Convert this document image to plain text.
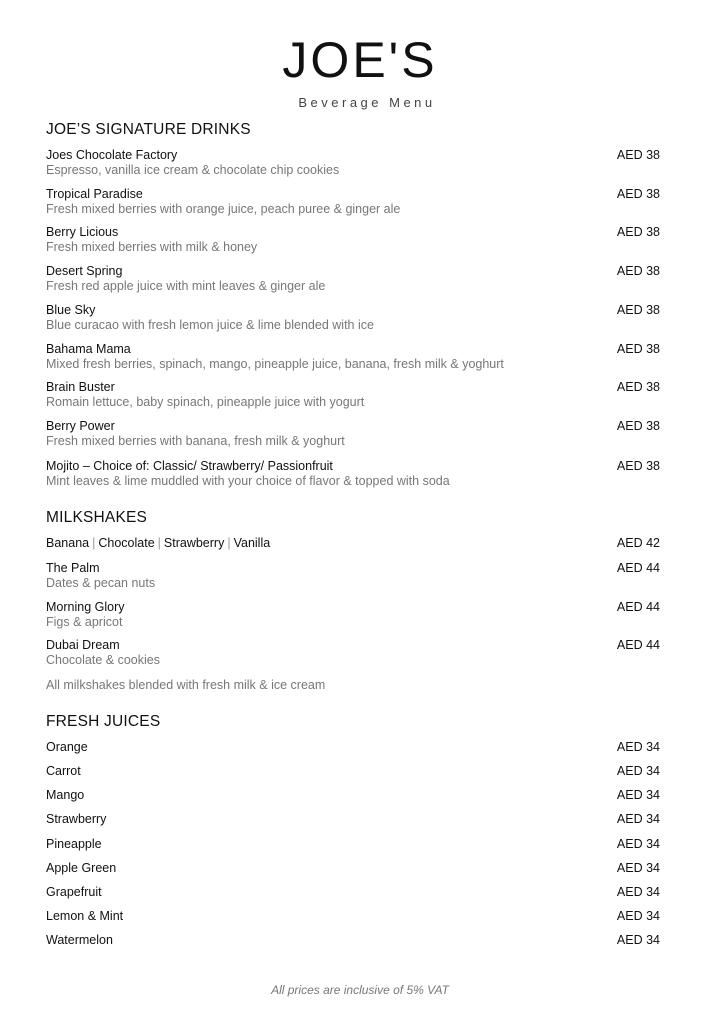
JOE'S
Beverage Menu
JOE’S SIGNATURE DRINKS
Joes Chocolate Factory
Espresso, vanilla ice cream & chocolate chip cookies
AED 38
Tropical Paradise
Fresh mixed berries with orange juice, peach puree & ginger ale
AED 38
Berry Licious
Fresh mixed berries with milk & honey
AED 38
Desert Spring
Fresh red apple juice with mint leaves & ginger ale
AED 38
Blue Sky
Blue curacao with fresh lemon juice & lime blended with ice
AED 38
Bahama Mama
Mixed fresh berries, spinach, mango, pineapple juice, banana, fresh milk & yoghurt
AED 38
Brain Buster
Romain lettuce, baby spinach, pineapple juice with yogurt
AED 38
Berry Power
Fresh mixed berries with banana, fresh milk & yoghurt
AED 38
Mojito – Choice of: Classic/ Strawberry/ Passionfruit
Mint leaves & lime muddled with your choice of flavor & topped with soda
AED 38
MILKSHAKES
Banana | Chocolate | Strawberry | Vanilla	AED 42
The Palm
Dates & pecan nuts
AED 44
Morning Glory
Figs & apricot
AED 44
Dubai Dream
Chocolate & cookies
AED 44
All milkshakes blended with fresh milk & ice cream
FRESH JUICES
Orange	AED 34
Carrot	AED 34
Mango	AED 34
Strawberry	AED 34
Pineapple	AED 34
Apple Green	AED 34
Grapefruit	AED 34
Lemon & Mint	AED 34
Watermelon	AED 34
All prices are inclusive of 5% VAT
